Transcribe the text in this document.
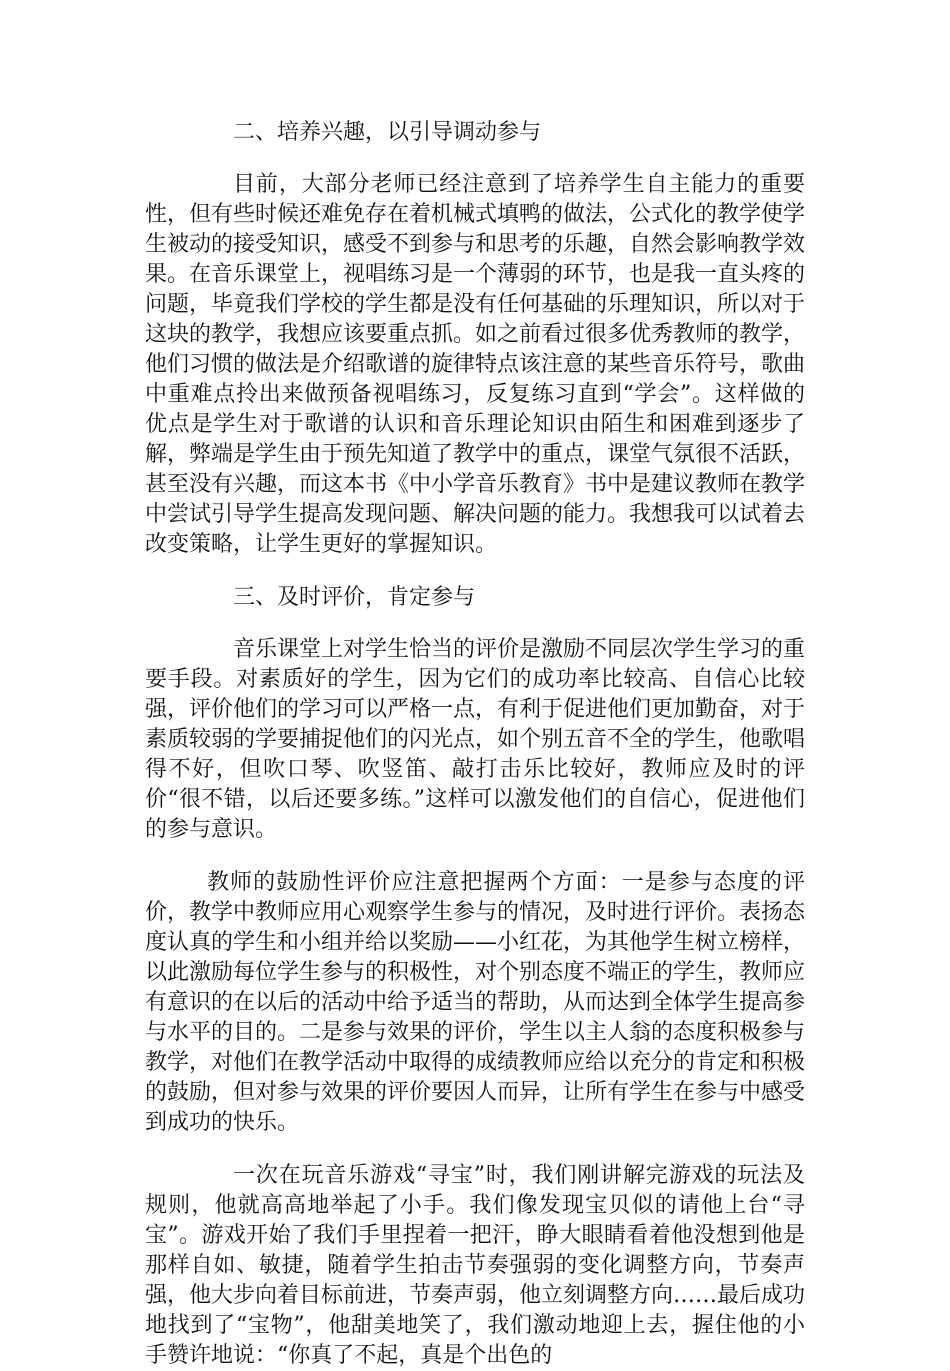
二、培养兴趣，以引导调动参与

目前，大部分老师已经注意到了培养学生自主能力的重要性，但有些时候还难免存在着机械式填鸭的做法，公式化的教学使学生被动的接受知识，感受不到参与和思考的乐趣，自然会影响教学效果。在音乐课堂上，视唱练习是一个薄弱的环节，也是我一直头疼的问题，毕竟我们学校的学生都是没有任何基础的乐理知识，所以对于这块的教学，我想应该要重点抓。如之前看过很多优秀教师的教学，他们习惯的做法是介绍歌谱的旋律特点该注意的某些音乐符号，歌曲中重难点拎出来做预备视唱练习，反复练习直到“学会”。这样做的优点是学生对于歌谱的认识和音乐理论知识由陌生和困难到逐步了解，弊端是学生由于预先知道了教学中的重点，课堂气氛很不活跃，甚至没有兴趣，而这本书《中小学音乐教育》书中是建议教师在教学中尝试引导学生提高发现问题、解决问题的能力。我想我可以试着去改变策略，让学生更好的掌握知识。

三、及时评价，肯定参与

音乐课堂上对学生恰当的评价是激励不同层次学生学习的重要手段。对素质好的学生，因为它们的成功率比较高、自信心比较强，评价他们的学习可以严格一点，有利于促进他们更加勤奋，对于素质较弱的学要捕捉他们的闪光点，如个别五音不全的学生，他歌唱得不好，但吹口琴、吹竖笛、敲打击乐比较好，教师应及时的评价“很不错，以后还要多练。”这样可以激发他们的自信心，促进他们的参与意识。

教师的鼓励性评价应注意把握两个方面：一是参与态度的评价，教学中教师应用心观察学生参与的情况，及时进行评价。表扬态度认真的学生和小组并给以奖励——小红花，为其他学生树立榜样，以此激励每位学生参与的积极性，对个别态度不端正的学生，教师应有意识的在以后的活动中给予适当的帮助，从而达到全体学生提高参与水平的目的。二是参与效果的评价，学生以主人翁的态度积极参与教学，对他们在教学活动中取得的成绩教师应给以充分的肯定和积极的鼓励，但对参与效果的评价要因人而异，让所有学生在参与中感受到成功的快乐。

一次在玩音乐游戏“寻宝”时，我们刚讲解完游戏的玩法及规则，他就高高地举起了小手。我们像发现宝贝似的请他上台“寻宝”。游戏开始了我们手里捏着一把汗，睁大眼睛看着他没想到他是那样自如、敏捷，随着学生拍击节奏强弱的变化调整方向，节奏声强，他大步向着目标前进，节奏声弱，他立刻调整方向……最后成功地找到了“宝物”，他甜美地笑了，我们激动地迎上去，握住他的小手赞许地说：“你真了不起，真是个出色的
